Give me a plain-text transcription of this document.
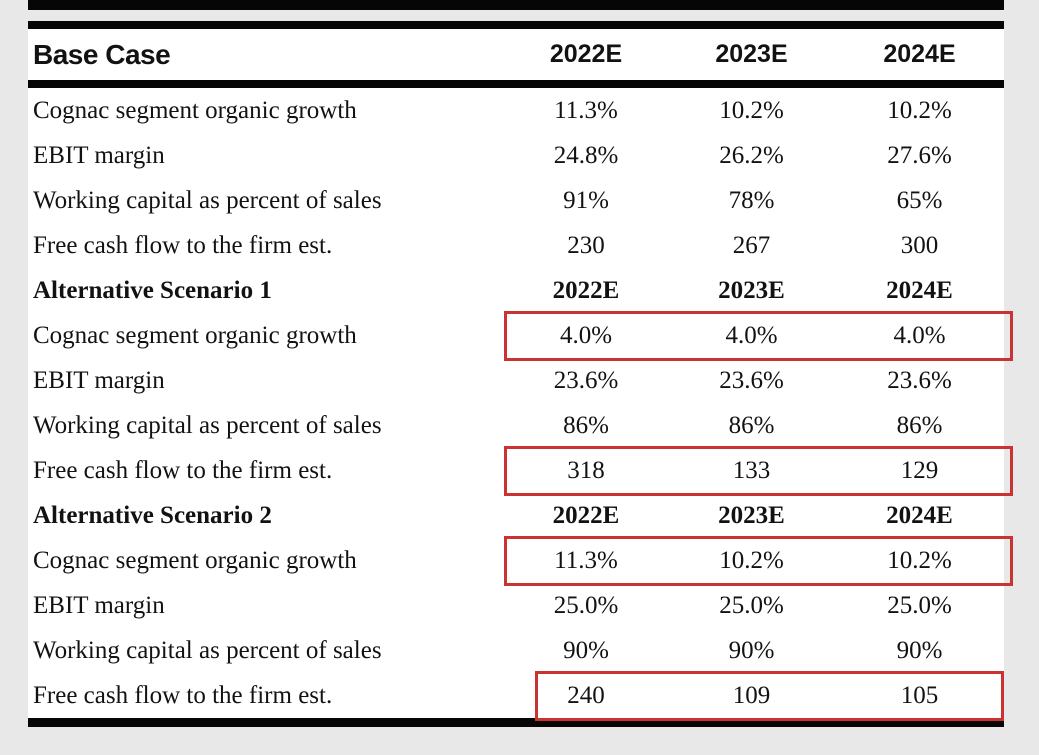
Base Case	2022E	2023E	2024E
Cognac segment organic growth	11.3%	10.2%	10.2%
EBIT margin	24.8%	26.2%	27.6%
Working capital as percent of sales	91%	78%	65%
Free cash flow to the firm est.	230	267	300
Alternative Scenario 1	2022E	2023E	2024E
Cognac segment organic growth	4.0%	4.0%	4.0%
EBIT margin	23.6%	23.6%	23.6%
Working capital as percent of sales	86%	86%	86%
Free cash flow to the firm est.	318	133	129
Alternative Scenario 2	2022E	2023E	2024E
Cognac segment organic growth	11.3%	10.2%	10.2%
EBIT margin	25.0%	25.0%	25.0%
Working capital as percent of sales	90%	90%	90%
Free cash flow to the firm est.	240	109	105
